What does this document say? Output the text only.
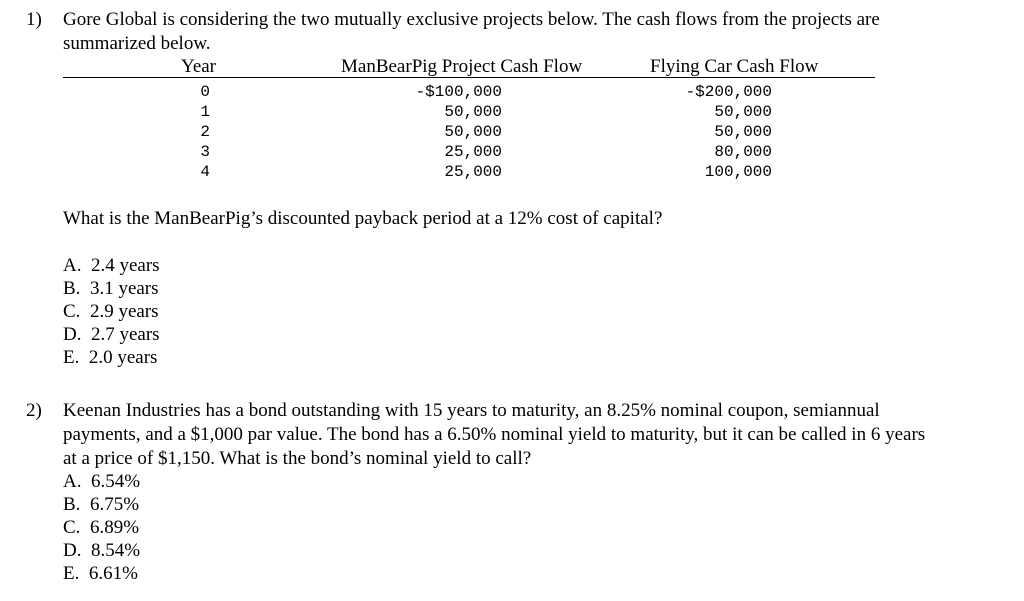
1) Gore Global is considering the two mutually exclusive projects below. The cash flows from the projects are
summarized below.
Year	ManBearPig Project Cash Flow	Flying Car Cash Flow
0
1
2
3
4
-$100,000
50,000
50,000
25,000
25,000
-$200,000
50,000
50,000
80,000
100,000
What is the ManBearPig’s discounted payback period at a 12% cost of capital?
A. 2.4 years
B. 3.1 years
C. 2.9 years
D. 2.7 years
E. 2.0 years
2) Keenan Industries has a bond outstanding with 15 years to maturity, an 8.25% nominal coupon, semiannual
payments, and a $1,000 par value. The bond has a 6.50% nominal yield to maturity, but it can be called in 6 years
at a price of $1,150. What is the bond’s nominal yield to call?
A. 6.54%
B. 6.75%
C. 6.89%
D. 8.54%
E. 6.61%
